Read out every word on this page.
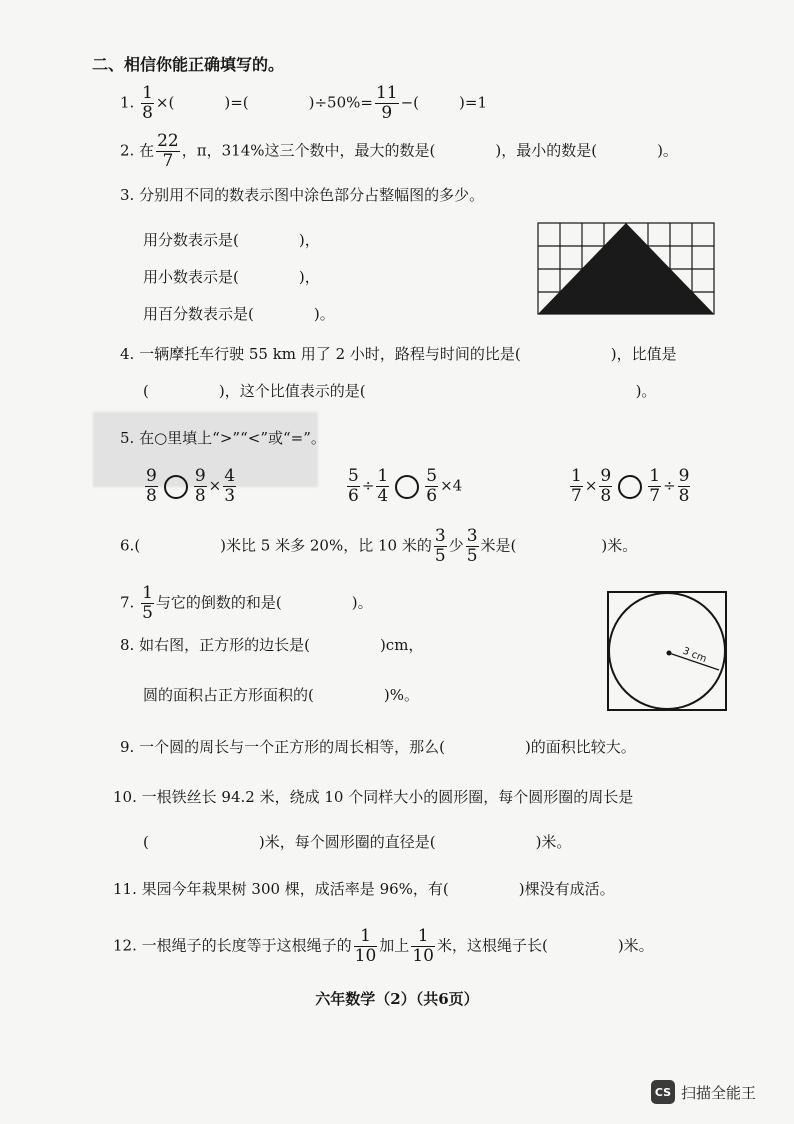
二、相信你能正确填写的。
1. $\frac{1}{8}$ ×(	)=(	)$\div 50\%= \frac{11}{9}$ −(	)=1
2. 在 $\frac{22}{7}$ ，π，314%这三个数中，最大的数是(	)，最小的数是(	)。
3. 分别用不同的数表示图中涂色部分占整幅图的多少。
用分数表示是(　　　　)，
用小数表示是(　　　　)，
用百分数表示是(　　　　)。
4. 一辆摩托车行驶 55 km 用了 2 小时，路程与时间的比是(　　　　　　)，比值是
(	)，这个比值表示的是(	)。
5. 在○里填上“>”“<”或“=”。
$\frac{9}{8} \frac{9}{8} \times \frac{4}{3}$	$\frac{5}{6} \div \frac{1}{4} \frac{5}{6} \times 4$	$\frac{1}{7} \times \frac{9}{8} \frac{1}{7} \div \frac{9}{8}$
6.(	)米比 5 米多 20%，比 10 米的 $\frac{3}{5}$ 少 $\frac{3}{5}$ 米是(	)米。
7. $\frac{1}{5}$ 与它的倒数的和是(	)。
8. 如右图，正方形的边长是(	)cm，
圆的面积占正方形面积的(	)%。
3 cm
9. 一个圆的周长与一个正方形的周长相等，那么(	)的面积比较大。
10. 一根铁丝长 94.2 米，绕成 10 个同样大小的圆形圈，每个圆形圈的周长是
(	)米，每个圆形圈的直径是(	)米。
11. 果园今年栽果树 300 棵，成活率是 96%，有(	)棵没有成活。
12. 一根绳子的长度等于这根绳子的 $\frac{1}{10}$ 加上 $\frac{1}{10}$ 米，这根绳子长(	)米。
六年数学（2）（共6页）
CS 扫描全能王
